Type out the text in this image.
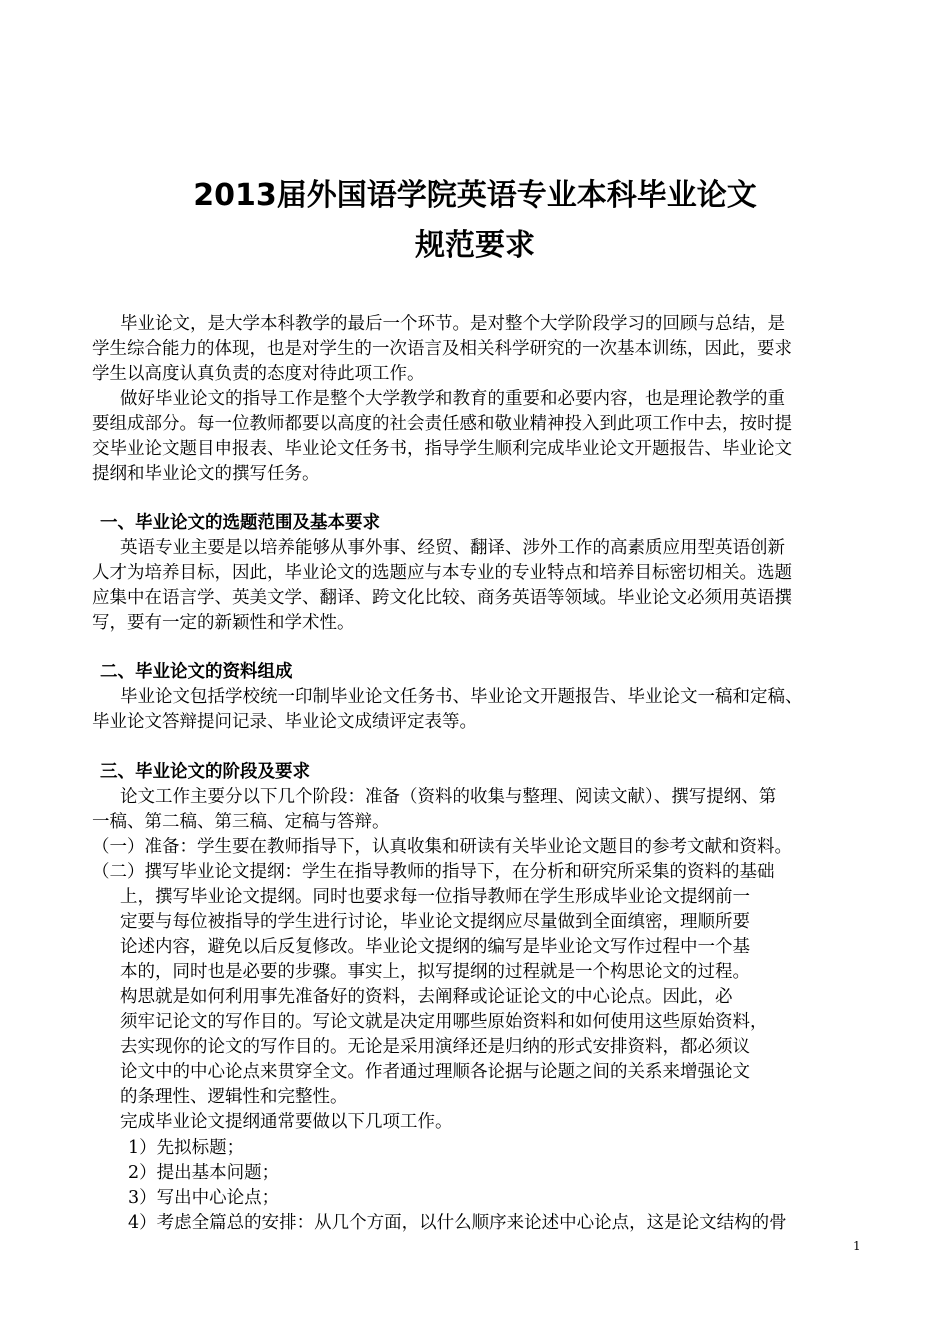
2013届外国语学院英语专业本科毕业论文
规范要求
毕业论文，是大学本科教学的最后一个环节。是对整个大学阶段学习的回顾与总结，是
学生综合能力的体现，也是对学生的一次语言及相关科学研究的一次基本训练，因此，要求
学生以高度认真负责的态度对待此项工作。
做好毕业论文的指导工作是整个大学教学和教育的重要和必要内容，也是理论教学的重
要组成部分。每一位教师都要以高度的社会责任感和敬业精神投入到此项工作中去，按时提
交毕业论文题目申报表、毕业论文任务书，指导学生顺利完成毕业论文开题报告、毕业论文
提纲和毕业论文的撰写任务。
一、毕业论文的选题范围及基本要求
英语专业主要是以培养能够从事外事、经贸、翻译、涉外工作的高素质应用型英语创新
人才为培养目标，因此，毕业论文的选题应与本专业的专业特点和培养目标密切相关。选题
应集中在语言学、英美文学、翻译、跨文化比较、商务英语等领域。毕业论文必须用英语撰
写，要有一定的新颖性和学术性。
二、毕业论文的资料组成
毕业论文包括学校统一印制毕业论文任务书、毕业论文开题报告、毕业论文一稿和定稿、
毕业论文答辩提问记录、毕业论文成绩评定表等。
三、毕业论文的阶段及要求
论文工作主要分以下几个阶段：准备（资料的收集与整理、阅读文献）、撰写提纲、第
一稿、第二稿、第三稿、定稿与答辩。
（一）准备：学生要在教师指导下，认真收集和研读有关毕业论文题目的参考文献和资料。
（二）撰写毕业论文提纲：学生在指导教师的指导下，在分析和研究所采集的资料的基础
上，撰写毕业论文提纲。同时也要求每一位指导教师在学生形成毕业论文提纲前一
定要与每位被指导的学生进行讨论，毕业论文提纲应尽量做到全面缜密，理顺所要
论述内容，避免以后反复修改。毕业论文提纲的编写是毕业论文写作过程中一个基
本的，同时也是必要的步骤。事实上，拟写提纲的过程就是一个构思论文的过程。
构思就是如何利用事先准备好的资料，去阐释或论证论文的中心论点。因此，必
须牢记论文的写作目的。写论文就是决定用哪些原始资料和如何使用这些原始资料，
去实现你的论文的写作目的。无论是采用演绎还是归纳的形式安排资料，都必须议
论文中的中心论点来贯穿全文。作者通过理顺各论据与论题之间的关系来增强论文
的条理性、逻辑性和完整性。
完成毕业论文提纲通常要做以下几项工作。
1）先拟标题；
2）提出基本问题；
3）写出中心论点；
4）考虑全篇总的安排：从几个方面，以什么顺序来论述中心论点，这是论文结构的骨
1
